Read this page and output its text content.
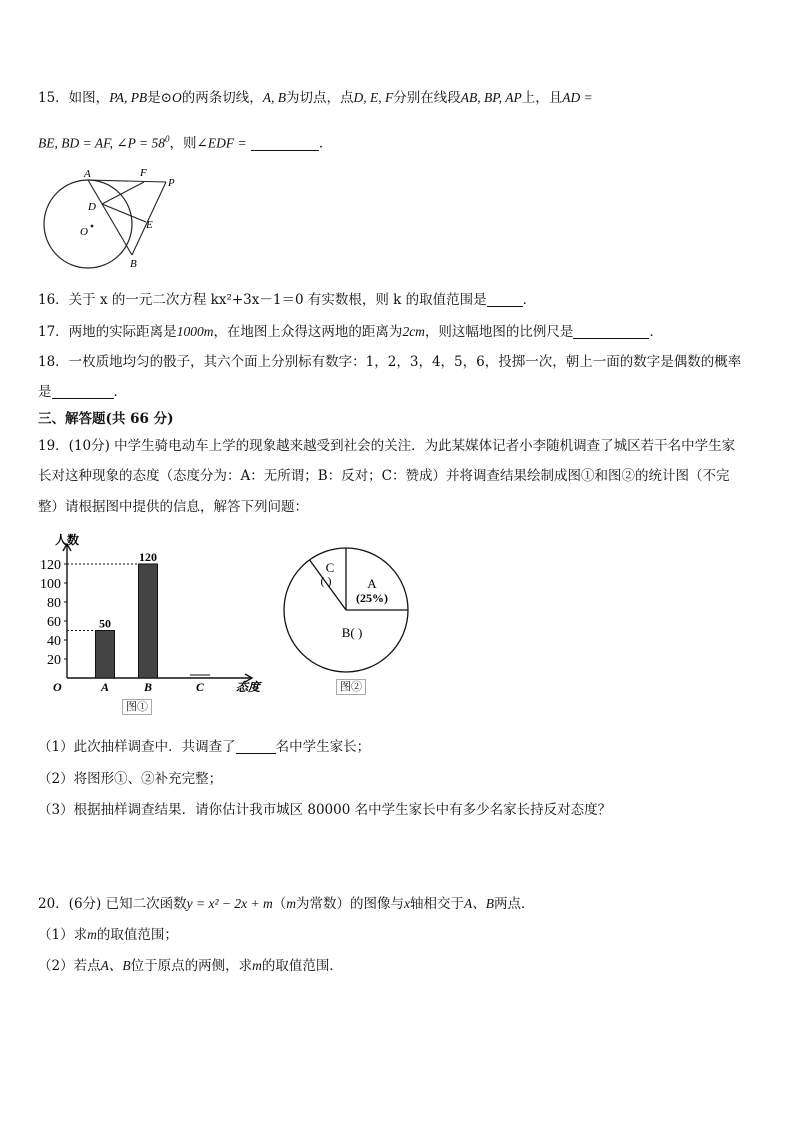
15．如图，PA, PB是⊙O的两条切线，A, B为切点，点D, E, F分别在线段AB, BP, AP上，且AD =
BE, BD = AF, ∠P = $58^0$，则∠EDF =	．
A	F
P
D
E
O
B
16．关于 x 的一元二次方程 kx²+3x－1＝0 有实数根，则 k 的取值范围是	．
17．两地的实际距离是1000m，在地图上众得这两地的距离为2cm，则这幅地图的比例尺是	．
18．一枚质地均匀的骰子，其六个面上分别标有数字：1，2，3，4，5，6，投掷一次，朝上一面的数字是偶数的概率
是	．
三、解答题(共 66 分)
19．(10分) 中学生骑电动车上学的现象越来越受到社会的关注．为此某媒体记者小李随机调查了城区若干名中学生家
长对这种现象的态度（态度分为：A：无所谓；B：反对；C：赞成）并将调查结果绘制成图①和图②的统计图（不完
整）请根据图中提供的信息，解答下列问题：
人数
态度
O
20
40
60
80
100
120
A
50
B
120
C
图①
A
(25%)
C
( )
B( )
图②
（1）此次抽样调查中．共调查了	名中学生家长；
（2）将图形①、②补充完整；
（3）根据抽样调查结果．请你估计我市城区 80000 名中学生家长中有多少名家长持反对态度？
20．(6分) 已知二次函数y = x² − 2x + m（m为常数）的图像与x轴相交于A、B两点．
（1）求m的取值范围；
（2）若点A、B位于原点的两侧，求m的取值范围．
